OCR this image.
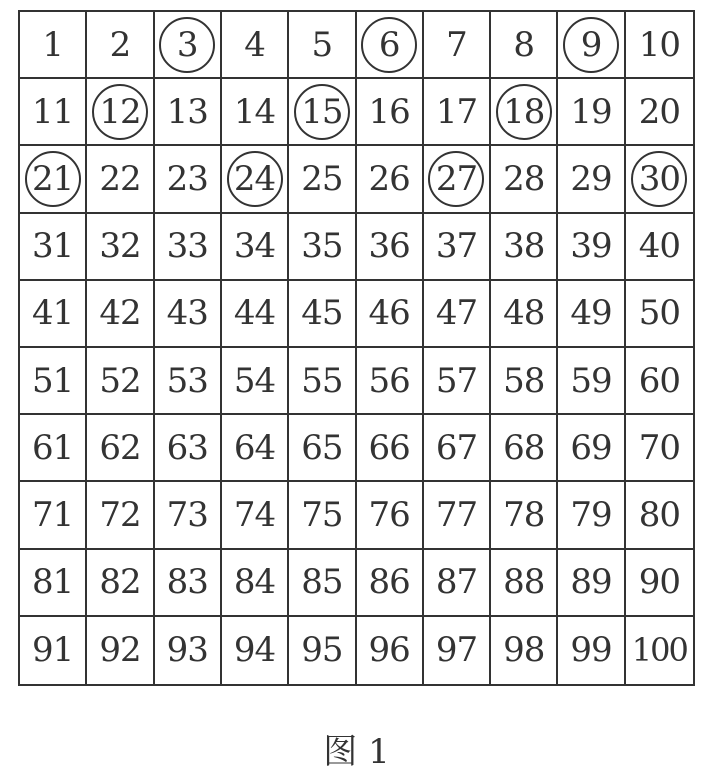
1 2 3 4 5 6 7 8 9 10
11 12 13 14 15 16 17 18 19 20
21 22 23 24 25 26 27 28 29 30
31 32 33 34 35 36 37 38 39 40
41 42 43 44 45 46 47 48 49 50
51 52 53 54 55 56 57 58 59 60
61 62 63 64 65 66 67 68 69 70
71 72 73 74 75 76 77 78 79 80
81 82 83 84 85 86 87 88 89 90
91 92 93 94 95 96 97 98 99 100
图 1
